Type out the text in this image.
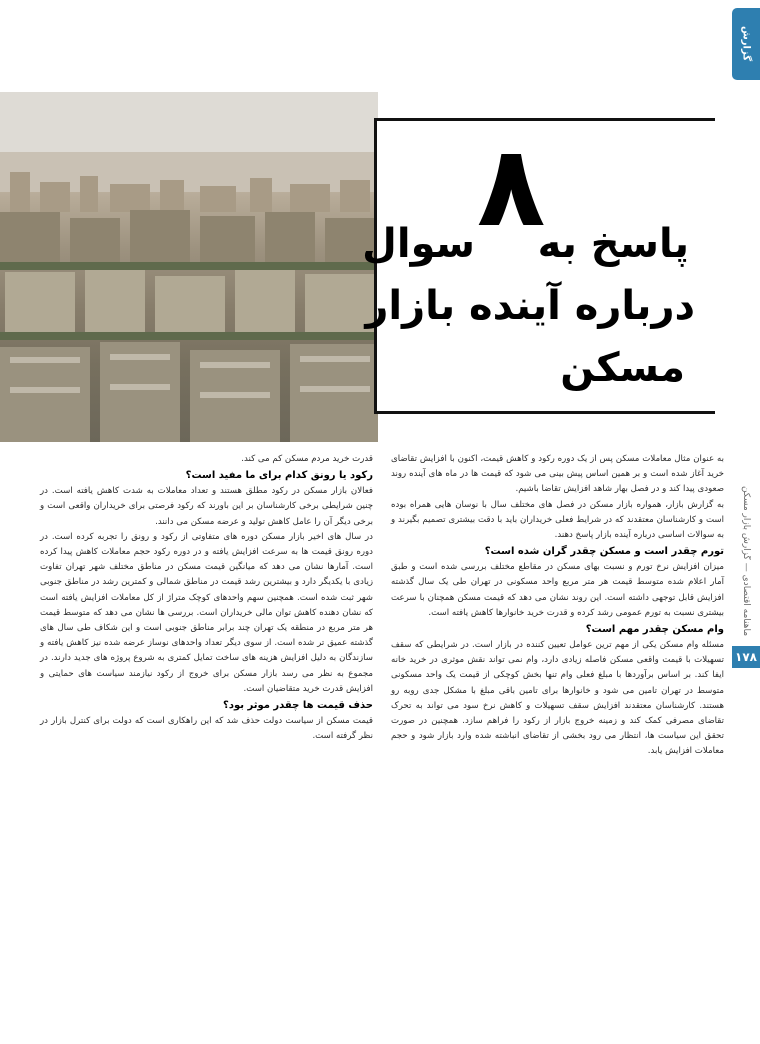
گزارش
ماهنامه اقتصادی — گزارش بازار مسکن
۱۷۸
۸
پاسخ به
سوال
درباره آینده بازار
مسکن

به عنوان مثال معاملات مسکن پس از یک دوره رکود و کاهش قیمت، اکنون با افزایش تقاضای خرید آغاز شده است و بر همین اساس پیش بینی می شود که قیمت ها در ماه های آینده روند صعودی پیدا کند و در فصل بهار شاهد افزایش تقاضا باشیم.

به گزارش بازار، همواره بازار مسکن در فصل های مختلف سال با نوسان هایی همراه بوده است و کارشناسان معتقدند که در شرایط فعلی خریداران باید با دقت بیشتری تصمیم بگیرند و به سوالات اساسی درباره آینده بازار پاسخ دهند.

تورم چقدر است و مسکن چقدر گران شده است؟

میزان افزایش نرخ تورم و نسبت بهای مسکن در مقاطع مختلف بررسی شده است و طبق آمار اعلام شده متوسط قیمت هر متر مربع واحد مسکونی در تهران طی یک سال گذشته افزایش قابل توجهی داشته است. این روند نشان می دهد که قیمت مسکن همچنان با سرعت بیشتری نسبت به تورم عمومی رشد کرده و قدرت خرید خانوارها کاهش یافته است.

وام مسکن چقدر مهم است؟

مسئله وام مسکن یکی از مهم ترین عوامل تعیین کننده در بازار است. در شرایطی که سقف تسهیلات با قیمت واقعی مسکن فاصله زیادی دارد، وام نمی تواند نقش موثری در خرید خانه ایفا کند. بر اساس برآوردها با مبلغ فعلی وام تنها بخش کوچکی از قیمت یک واحد مسکونی متوسط در تهران تامین می شود و خانوارها برای تامین باقی مبلغ با مشکل جدی روبه رو هستند. کارشناسان معتقدند افزایش سقف تسهیلات و کاهش نرخ سود می تواند به تحرک تقاضای مصرفی کمک کند و زمینه خروج بازار از رکود را فراهم سازد. همچنین در صورت تحقق این سیاست ها، انتظار می رود بخشی از تقاضای انباشته شده وارد بازار شود و حجم معاملات افزایش یابد.

قدرت خرید مردم مسکن کم می کند.

رکود یا رونق کدام برای ما مفید است؟

فعالان بازار مسکن در رکود مطلق هستند و تعداد معاملات به شدت کاهش یافته است. در چنین شرایطی برخی کارشناسان بر این باورند که رکود فرصتی برای خریداران واقعی است و برخی دیگر آن را عامل کاهش تولید و عرضه مسکن می دانند.

در سال های اخیر بازار مسکن دوره های متفاوتی از رکود و رونق را تجربه کرده است. در دوره رونق قیمت ها به سرعت افزایش یافته و در دوره رکود حجم معاملات کاهش پیدا کرده است. آمارها نشان می دهد که میانگین قیمت مسکن در مناطق مختلف شهر تهران تفاوت زیادی با یکدیگر دارد و بیشترین رشد قیمت در مناطق شمالی و کمترین رشد در مناطق جنوبی شهر ثبت شده است. همچنین سهم واحدهای کوچک متراژ از کل معاملات افزایش یافته است که نشان دهنده کاهش توان مالی خریداران است. بررسی ها نشان می دهد که متوسط قیمت هر متر مربع در منطقه یک تهران چند برابر مناطق جنوبی است و این شکاف طی سال های گذشته عمیق تر شده است. از سوی دیگر تعداد واحدهای نوساز عرضه شده نیز کاهش یافته و سازندگان به دلیل افزایش هزینه های ساخت تمایل کمتری به شروع پروژه های جدید دارند. در مجموع به نظر می رسد بازار مسکن برای خروج از رکود نیازمند سیاست های حمایتی و افزایش قدرت خرید متقاضیان است.

حذف قیمت ها چقدر موثر بود؟

قیمت مسکن از سیاست دولت حذف شد که این راهکاری است که دولت برای کنترل بازار در نظر گرفته است.
